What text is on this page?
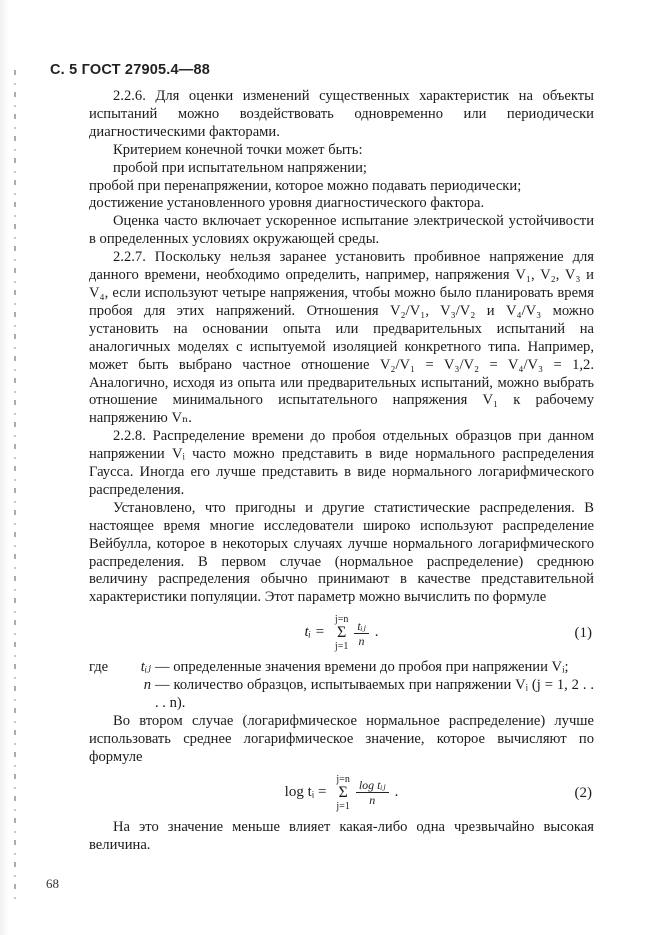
С. 5 ГОСТ 27905.4—88

2.2.6. Для оценки изменений существенных характеристик на объекты испытаний можно воздействовать одновременно или периодически диагностическими факторами.

Критерием конечной точки может быть:

пробой при испытательном напряжении;

пробой при перенапряжении, которое можно подавать периодически;

достижение установленного уровня диагностического фактора.

Оценка часто включает ускоренное испытание электрической устойчивости в определенных условиях окружающей среды.

2.2.7. Поскольку нельзя заранее установить пробивное напряжение для данного времени, необходимо определить, например, напряжения V₁, V₂, V₃ и V₄, если используют четыре напряжения, чтобы можно было планировать время пробоя для этих напряжений. Отношения V₂/V₁, V₃/V₂ и V₄/V₃ можно установить на основании опыта или предварительных испытаний на аналогичных моделях с испытуемой изоляцией конкретного типа. Например, может быть выбрано частное отношение V₂/V₁ = V₃/V₂ = V₄/V₃ = 1,2. Аналогично, исходя из опыта или предварительных испытаний, можно выбрать отношение минимального испытательного напряжения V₁ к рабочему напряжению Vₙ.

2.2.8. Распределение времени до пробоя отдельных образцов при данном напряжении Vᵢ часто можно представить в виде нормального распределения Гаусса. Иногда его лучше представить в виде нормального логарифмического распределения.

Установлено, что пригодны и другие статистические распределения. В настоящее время многие исследователи широко используют распределение Вейбулла, которое в некоторых случаях лучше нормального логарифмического распределения. В первом случае (нормальное распределение) среднюю величину распределения обычно принимают в качестве представительной характеристики популяции. Этот параметр можно вычислить по формуле

tᵢ =
j=n
Σ
$j=1 \frac{\text{tᵢⱼ}}{n}$ .	(1)
где	tᵢⱼ — определенные значения времени до пробоя при напряжении Vᵢ;
n — количество образцов, испытываемых при напряжении Vᵢ (j = 1, 2 . . . . n).

Во втором случае (логарифмическое нормальное распределение) лучше использовать среднее логарифмическое значение, которое вычисляют по формуле

log tᵢ =
j=n
Σ
$j=1 \frac{\text{log tᵢⱼ}}{n}$ .	(2)

На это значение меньше влияет какая-либо одна чрезвычайно высокая величина.

68
